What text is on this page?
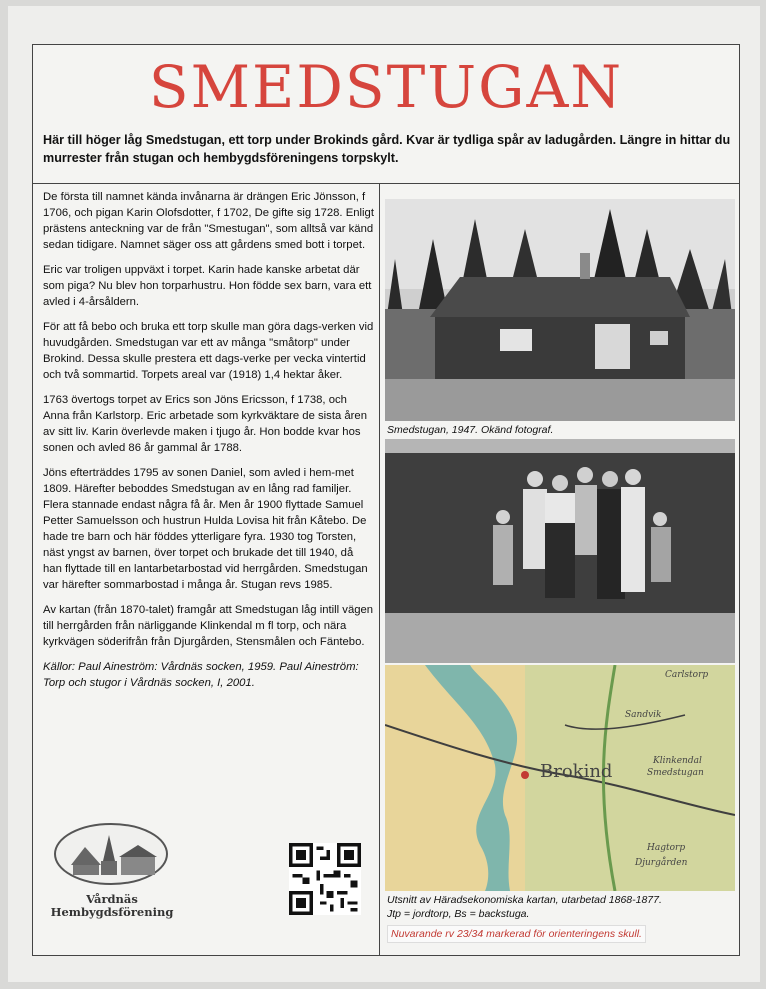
SMEDSTUGAN
Här till höger låg Smedstugan, ett torp under Brokinds gård. Kvar är tydliga spår av ladugården. Längre in hittar du murrester från stugan och hembygdsföreningens torpskylt.

De första till namnet kända invånarna är drängen Eric Jönsson, f 1706, och pigan Karin Olofsdotter, f 1702, De gifte sig 1728. Enligt prästens anteckning var de från "Smestugan", som alltså var känd sedan tidigare. Namnet säger oss att gårdens smed bott i torpet.

Eric var troligen uppväxt i torpet. Karin hade kanske arbetat där som piga? Nu blev hon torparhustru. Hon födde sex barn, vara ett avled i 4-årsåldern.

För att få bebo och bruka ett torp skulle man göra dags-verken vid huvudgården. Smedstugan var ett av många "småtorp" under Brokind. Dessa skulle prestera ett dags-verke per vecka vintertid och två sommartid. Torpets areal var (1918) 1,4 hektar åker.

1763 övertogs torpet av Erics son Jöns Ericsson, f 1738, och Anna från Karlstorp. Eric arbetade som kyrkväktare de sista åren av sitt liv. Karin överlevde maken i tjugo år. Hon bodde kvar hos sonen och avled 86 år gammal år 1788.

Jöns efterträddes 1795 av sonen Daniel, som avled i hem-met 1809. Härefter beboddes Smedstugan av en lång rad familjer. Flera stannade endast några få år. Men år 1900 flyttade Samuel Petter Samuelsson och hustrun Hulda Lovisa hit från Kåtebo. De hade tre barn och här föddes ytterligare fyra. 1930 tog Torsten, näst yngst av barnen, över torpet och brukade det till 1940, då han flyttade till en lantarbetarbostad vid herrgården. Smedstugan var härefter sommarbostad i många år. Stugan revs 1985.

Av kartan (från 1870-talet) framgår att Smedstugan låg intill vägen till herrgården från närliggande Klinkendal m fl torp, och nära kyrkvägen söderifrån från Djurgården, Stensmålen och Fäntebo.

Källor: Paul Aineström: Vårdnäs socken, 1959. Paul Aineström: Torp och stugor i Vårdnäs socken, I, 2001.

Smedstugan, 1947. Okänd fotograf.
Brokind	Klinkendal
Smedstugan
Carlstorp
Sandvik
Hagtorp
Djurgården
Utsnitt av Häradsekonomiska kartan, utarbetad 1868-1877.
Jtp = jordtorp, Bs = backstuga.
Nuvarande rv 23/34 markerad för orienteringens skull.
Vårdnäs
Hembygdsförening
